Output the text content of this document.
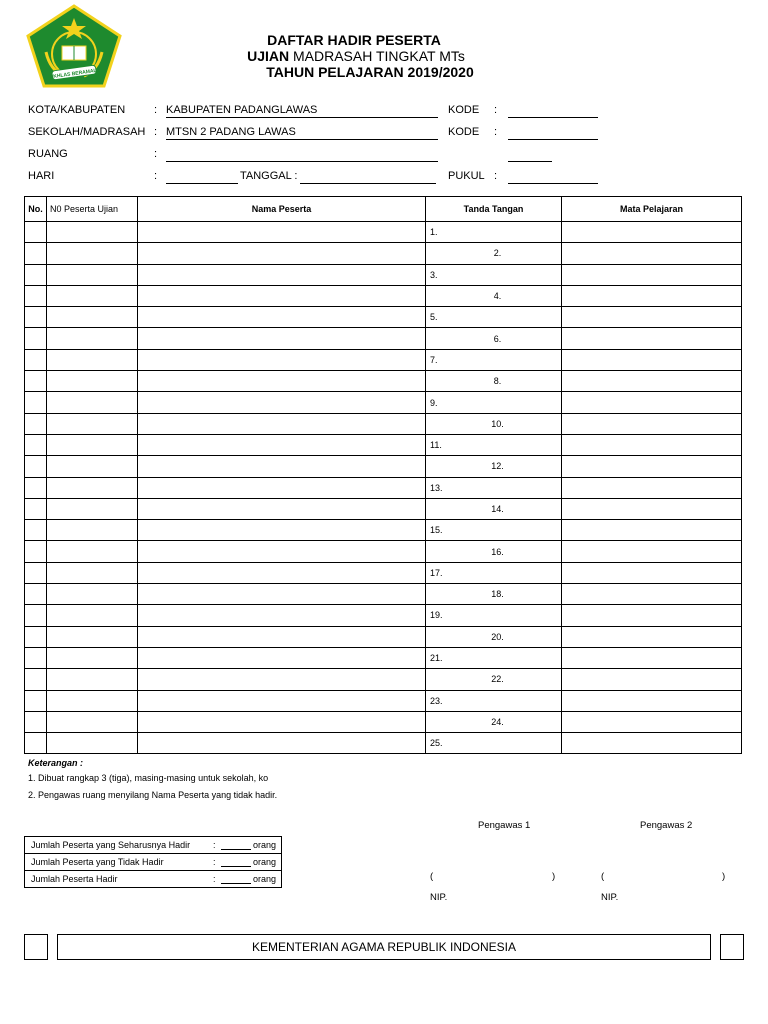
IKHLAS BERAMAL
DAFTAR HADIR PESERTA
UJIAN MADRASAH TINGKAT MTs
TAHUN PELAJARAN 2019/2020
KOTA/KABUPATEN	: KABUPATEN PADANGLAWAS	KODE :
SEKOLAH/MADRASAH : MTSN 2 PADANG LAWAS	KODE :
RUANG	:
HARI	:	TANGGAL :	PUKUL :
No.	N0 Peserta Ujian	Nama Peserta	Tanda Tangan	Mata Pelajaran
			1.	
			2.	
			3.	
			4.	
			5.	
			6.	
			7.	
			8.	
			9.	
			10.	
			11.	
			12.	
			13.	
			14.	
			15.	
			16.	
			17.	
			18.	
			19.	
			20.	
			21.	
			22.	
			23.	
			24.	
			25.	
Keterangan :
1. Dibuat rangkap 3 (tiga), masing-masing untuk sekolah, ko
2. Pengawas ruang menyilang Nama Peserta yang tidak hadir.
Jumlah Peserta yang Seharusnya Hadir	:	orang
Jumlah Peserta yang Tidak Hadir	:	orang
Jumlah Peserta Hadir	:	orang
Pengawas 1	Pengawas 2
(	)	(	)
NIP.	NIP.
KEMENTERIAN AGAMA REPUBLIK INDONESIA
